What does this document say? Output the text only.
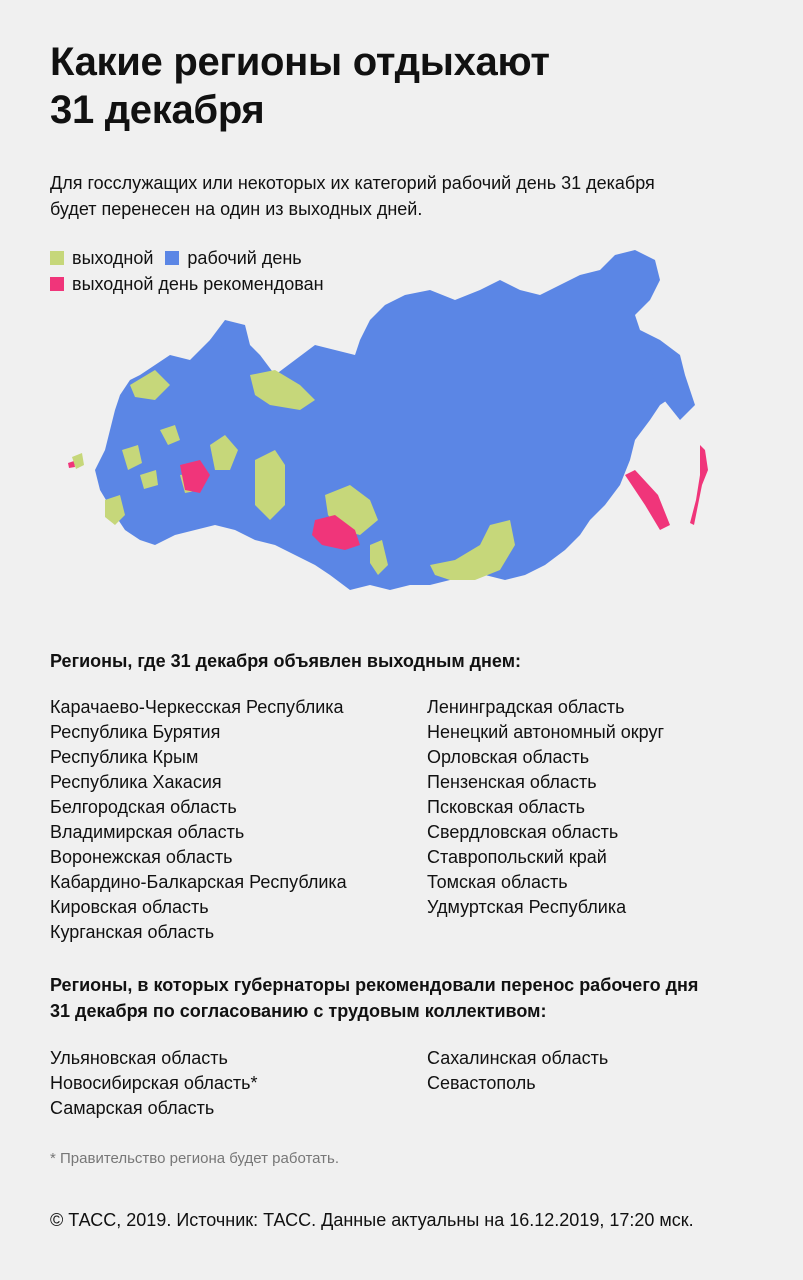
Какие регионы отдыхают
31 декабря
Для госслужащих или некоторых их категорий рабочий день 31 декабря
будет перенесен на один из выходных дней.
выходной рабочий день
выходной день рекомендован
Регионы, где 31 декабря объявлен выходным днем:
Карачаево-Черкесская Республика
Республика Бурятия
Республика Крым
Республика Хакасия
Белгородская область
Владимирская область
Воронежская область
Кабардино-Балкарская Республика
Кировская область
Курганская область
Ленинградская область
Ненецкий автономный округ
Орловская область
Пензенская область
Псковская область
Свердловская область
Ставропольский край
Томская область
Удмуртская Республика
Регионы, в которых губернаторы рекомендовали перенос рабочего дня
31 декабря по согласованию с трудовым коллективом:
Ульяновская область
Новосибирская область*
Самарская область
Сахалинская область
Севастополь
* Правительство региона будет работать.
© ТАСС, 2019. Источник: ТАСС. Данные актуальны на 16.12.2019, 17:20 мск.
